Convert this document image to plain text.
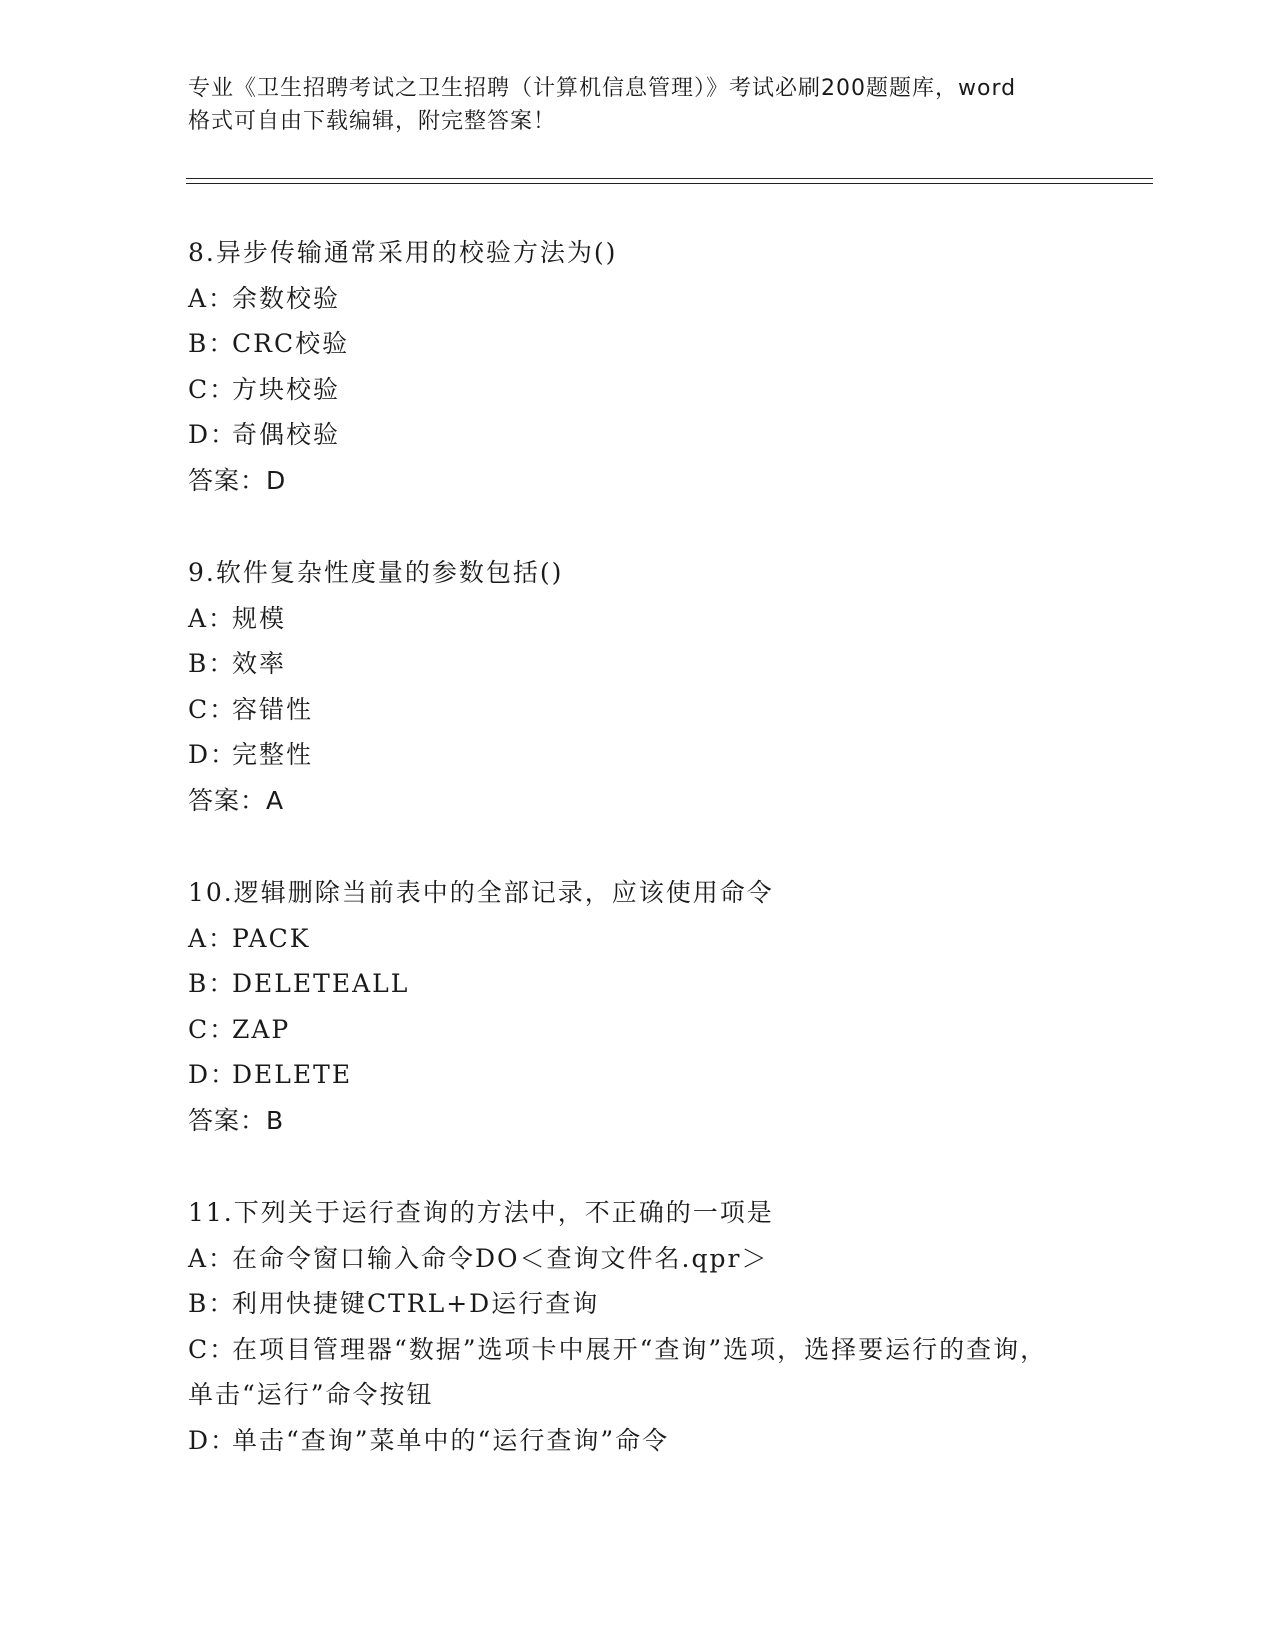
专业《卫生招聘考试之卫生招聘（计算机信息管理）》考试必刷200题题库，word
格式可自由下载编辑，附完整答案！
8.异步传输通常采用的校验方法为()
A：余数校验
B：CRC校验
C：方块校验
D：奇偶校验
答案：D
9.软件复杂性度量的参数包括()
A：规模
B：效率
C：容错性
D：完整性
答案：A
10.逻辑删除当前表中的全部记录，应该使用命令
A：PACK
B：DELETEALL
C：ZAP
D：DELETE
答案：B
11.下列关于运行查询的方法中，不正确的一项是
A：在命令窗口输入命令DO＜查询文件名.qpr＞
B：利用快捷键CTRL+D运行查询
C：在项目管理器“数据”选项卡中展开“查询”选项，选择要运行的查询，单击“运行”命令按钮
D：单击“查询”菜单中的“运行查询”命令
